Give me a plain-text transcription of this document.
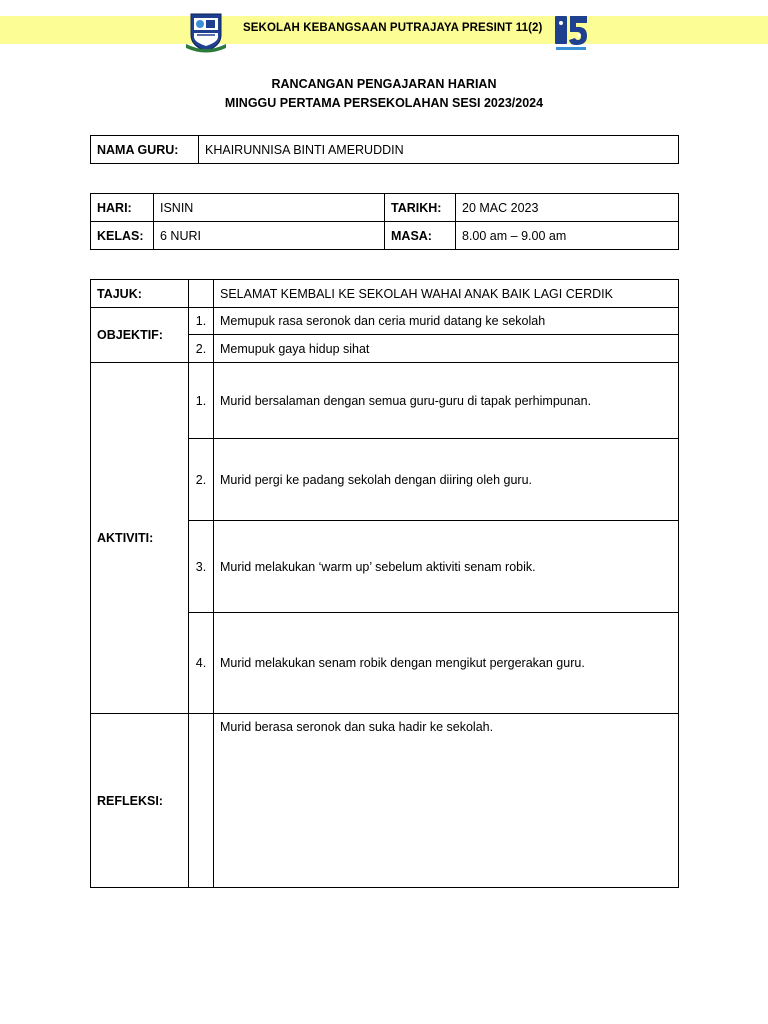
SEKOLAH KEBANGSAAN PUTRAJAYA PRESINT 11(2)
RANCANGAN PENGAJARAN HARIAN
MINGGU PERTAMA PERSEKOLAHAN SESI 2023/2024
NAMA GURU:	KHAIRUNNISA BINTI AMERUDDIN
HARI:	ISNIN	TARIKH:	20 MAC 2023
KELAS:	6 NURI	MASA:	8.00 am – 9.00 am
TAJUK:		SELAMAT KEMBALI KE SEKOLAH WAHAI ANAK BAIK LAGI CERDIK
OBJEKTIF:	1.	Memupuk rasa seronok dan ceria murid datang ke sekolah
	2.	Memupuk gaya hidup sihat
AKTIVITI:	1.	Murid bersalaman dengan semua guru-guru di tapak perhimpunan.
	2.	Murid pergi ke padang sekolah dengan diiring oleh guru.
	3.	Murid melakukan ‘warm up’ sebelum aktiviti senam robik.
	4.	Murid melakukan senam robik dengan mengikut pergerakan guru.
REFLEKSI:		Murid berasa seronok dan suka hadir ke sekolah.
